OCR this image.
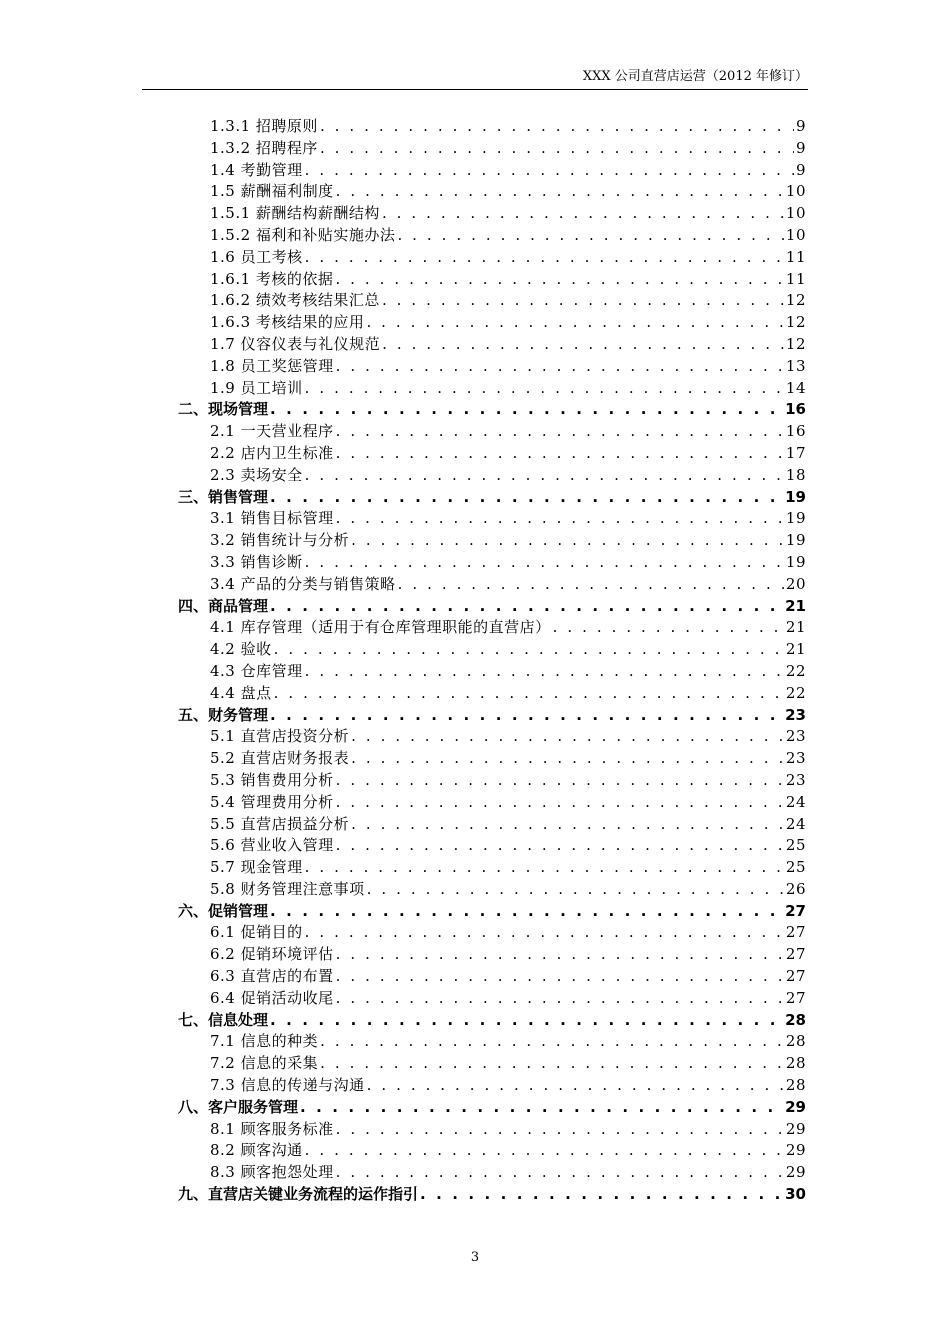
XXX 公司直营店运营（2012 年修订）
1.3.1 招聘原则 . . .	9
1.3.2 招聘程序 . . .	9
1.4 考勤管理 . . .	9
1.5 薪酬福利制度 . . .	10
1.5.1 薪酬结构薪酬结构 . . .	10
1.5.2 福利和补贴实施办法 . . .	10
1.6 员工考核 . . .	11
1.6.1 考核的依据 . . .	11
1.6.2 绩效考核结果汇总 . . .	12
1.6.3 考核结果的应用 . . .	12
1.7 仪容仪表与礼仪规范 . . .	12
1.8 员工奖惩管理 . . .	13
1.9 员工培训 . . .	14
二、现场管理 . . .	16
2.1 一天营业程序 . . .	16
2.2 店内卫生标准 . . .	17
2.3 卖场安全 . . .	18
三、销售管理 . . .	19
3.1 销售目标管理 . . .	19
3.2 销售统计与分析 . . .	19
3.3 销售诊断 . . .	19
3.4 产品的分类与销售策略 . . .	20
四、商品管理 . . .	21
4.1 库存管理（适用于有仓库管理职能的直营店） . . .	21
4.2 验收 . . .	21
4.3 仓库管理 . . .	22
4.4 盘点 . . .	22
五、财务管理 . . .	23
5.1 直营店投资分析 . . .	23
5.2 直营店财务报表 . . .	23
5.3 销售费用分析 . . .	23
5.4 管理费用分析 . . .	24
5.5 直营店损益分析 . . .	24
5.6 营业收入管理 . . .	25
5.7 现金管理 . . .	25
5.8 财务管理注意事项 . . .	26
六、促销管理 . . .	27
6.1 促销目的 . . .	27
6.2 促销环境评估 . . .	27
6.3 直营店的布置 . . .	27
6.4 促销活动收尾 . . .	27
七、信息处理 . . .	28
7.1 信息的种类 . . .	28
7.2 信息的采集 . . .	28
7.3 信息的传递与沟通 . . .	28
八、客户服务管理 . . .	29
8.1 顾客服务标准 . . .	29
8.2 顾客沟通 . . .	29
8.3 顾客抱怨处理 . . .	29
九、直营店关键业务流程的运作指引 . . .	30
3
